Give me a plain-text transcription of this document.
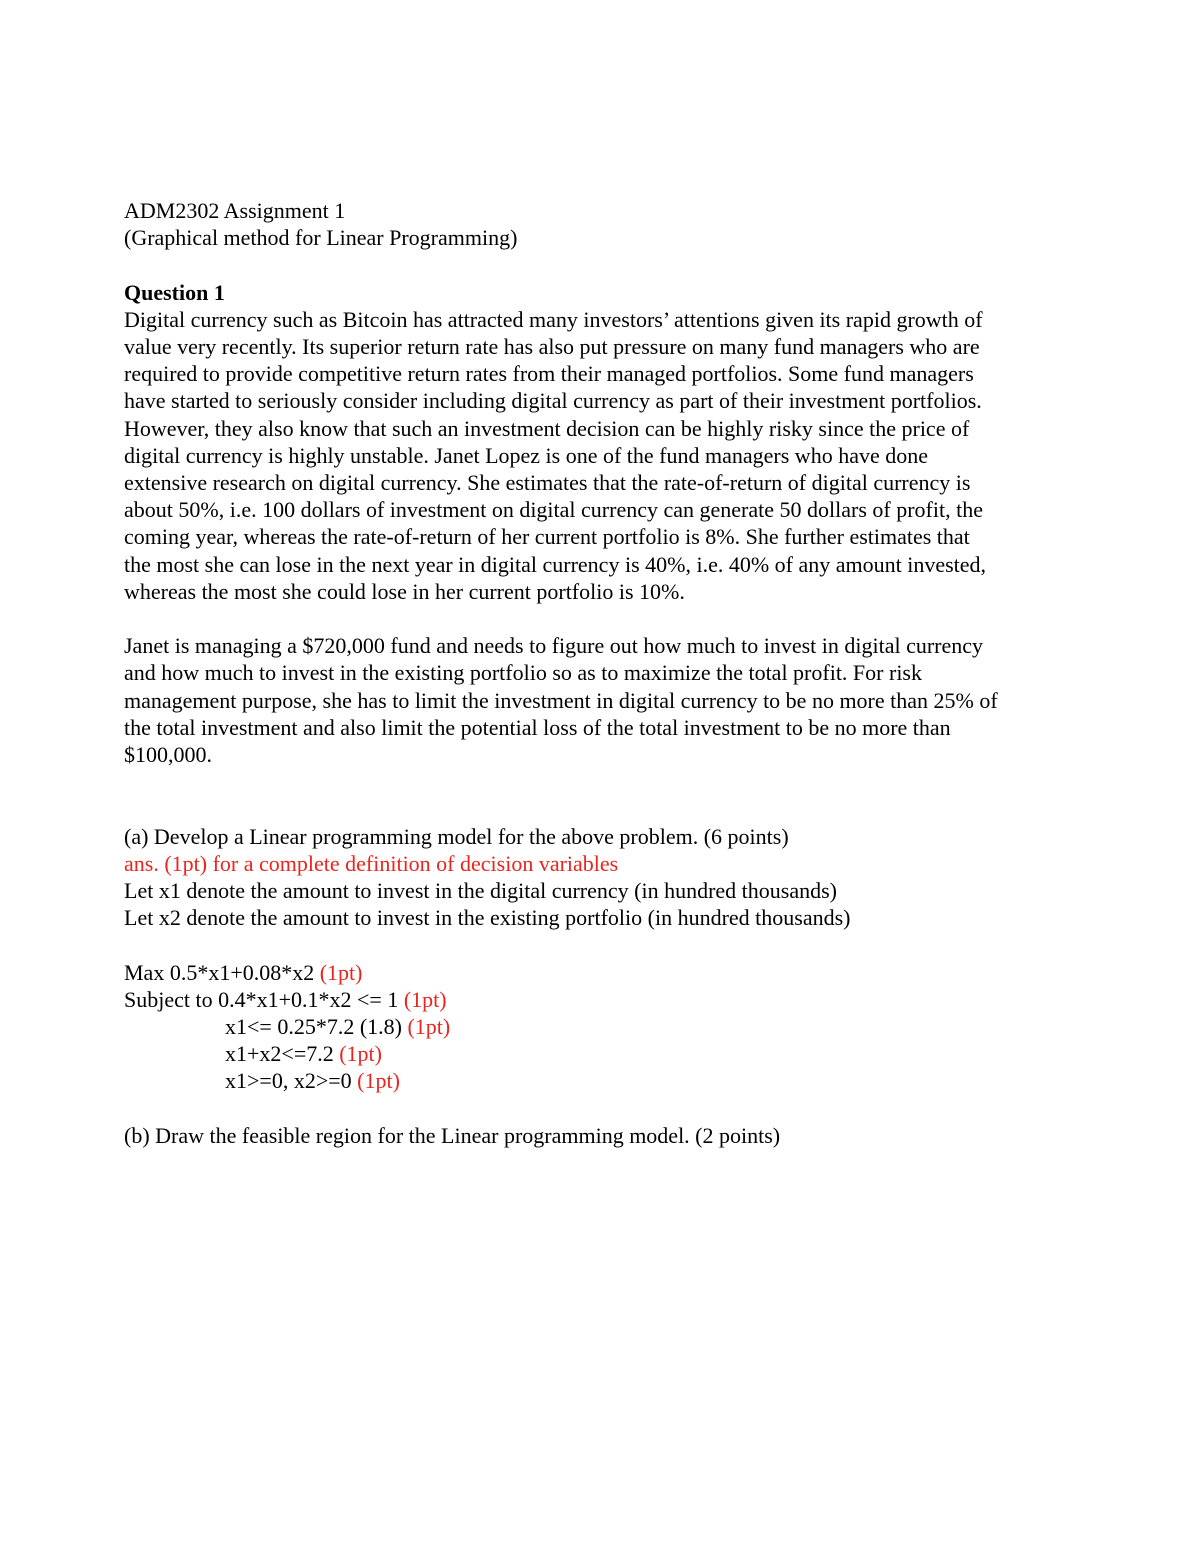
ADM2302 Assignment 1
(Graphical method for Linear Programming)
Question 1
Digital currency such as Bitcoin has attracted many investors’ attentions given its rapid growth of
value very recently. Its superior return rate has also put pressure on many fund managers who are
required to provide competitive return rates from their managed portfolios. Some fund managers
have started to seriously consider including digital currency as part of their investment portfolios.
However, they also know that such an investment decision can be highly risky since the price of
digital currency is highly unstable. Janet Lopez is one of the fund managers who have done
extensive research on digital currency. She estimates that the rate-of-return of digital currency is
about 50%, i.e. 100 dollars of investment on digital currency can generate 50 dollars of profit, the
coming year, whereas the rate-of-return of her current portfolio is 8%. She further estimates that
the most she can lose in the next year in digital currency is 40%, i.e. 40% of any amount invested,
whereas the most she could lose in her current portfolio is 10%.
Janet is managing a $720,000 fund and needs to figure out how much to invest in digital currency
and how much to invest in the existing portfolio so as to maximize the total profit. For risk
management purpose, she has to limit the investment in digital currency to be no more than 25% of
the total investment and also limit the potential loss of the total investment to be no more than
$100,000.
(a) Develop a Linear programming model for the above problem. (6 points)
ans. (1pt) for a complete definition of decision variables
Let x1 denote the amount to invest in the digital currency (in hundred thousands)
Let x2 denote the amount to invest in the existing portfolio (in hundred thousands)
Max 0.5*x1+0.08*x2 (1pt)
Subject to 0.4*x1+0.1*x2 <= 1 (1pt)
x1<= 0.25*7.2 (1.8) (1pt)
x1+x2<=7.2 (1pt)
x1>=0, x2>=0 (1pt)
(b) Draw the feasible region for the Linear programming model. (2 points)
